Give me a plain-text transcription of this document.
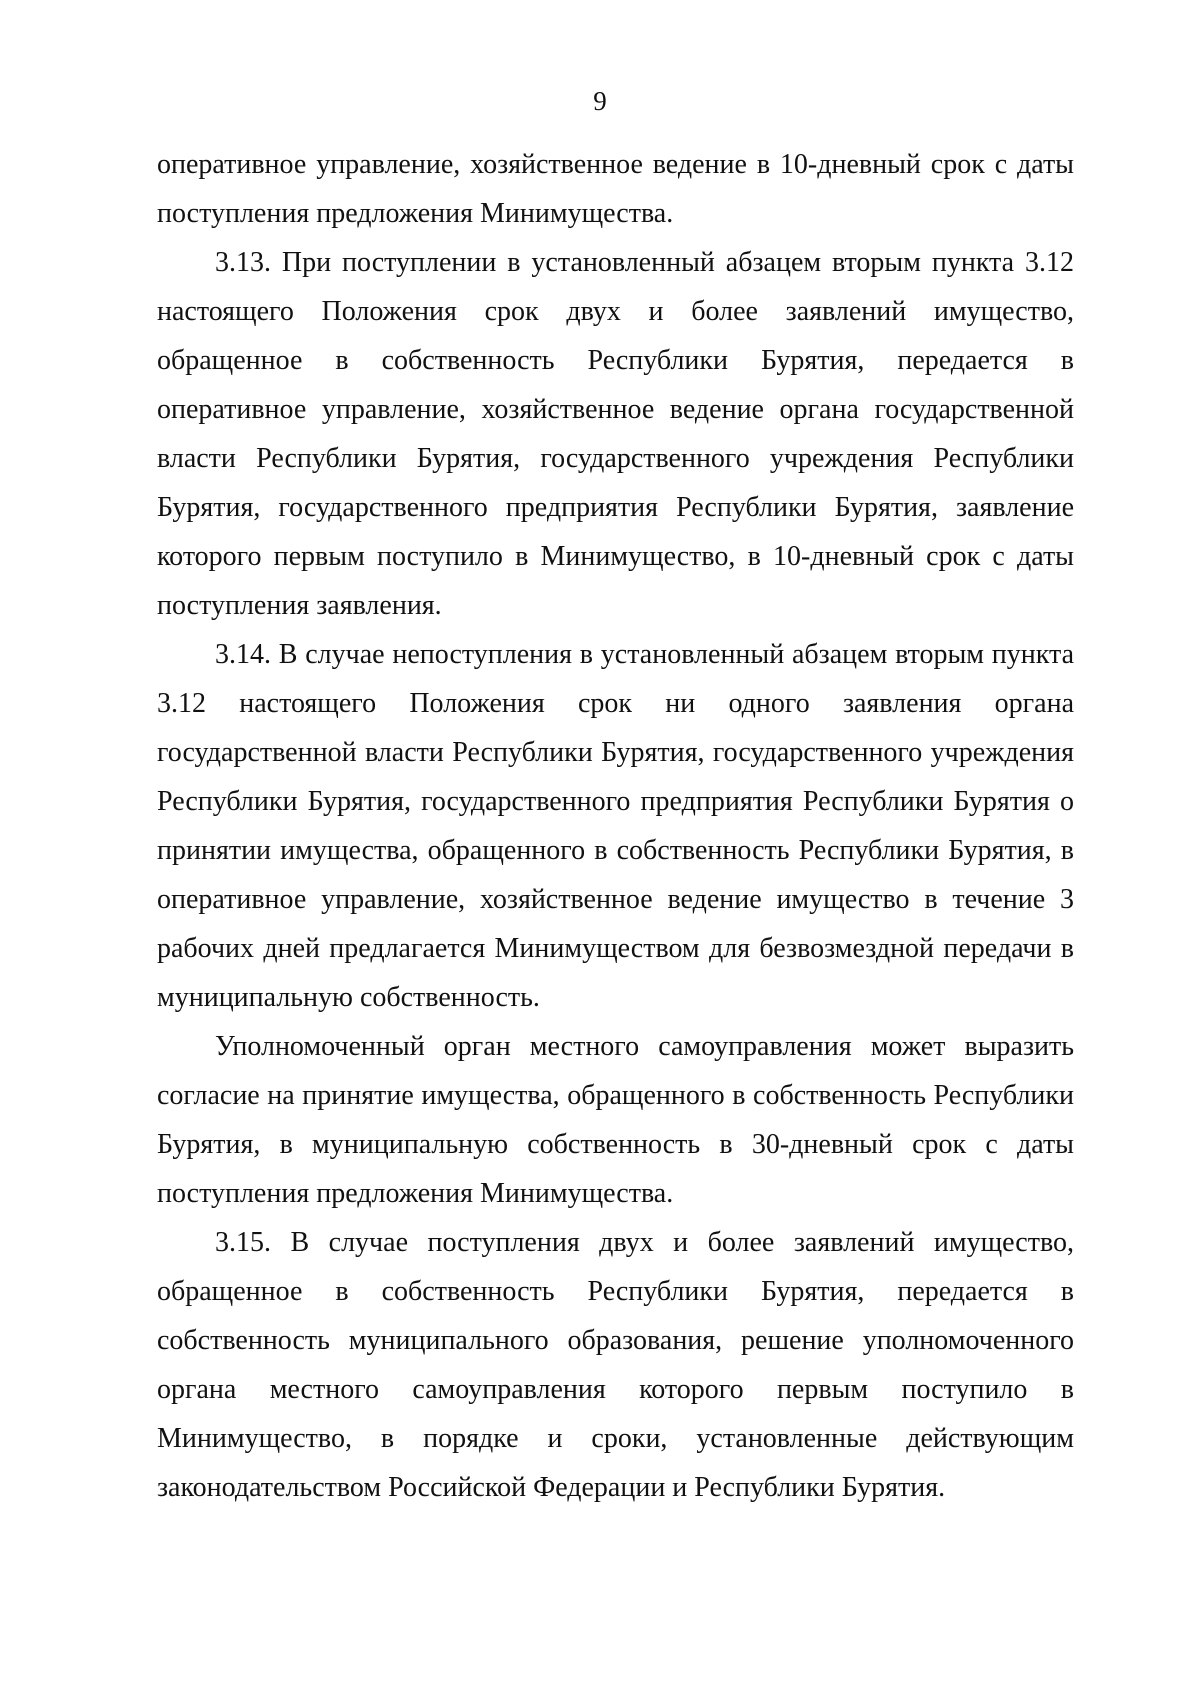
9

оперативное управление, хозяйственное ведение в 10-дневный срок с даты поступления предложения Минимущества.

3.13. При поступлении в установленный абзацем вторым пункта 3.12 настоящего Положения срок двух и более заявлений имущество, обращенное в собственность Республики Бурятия, передается в оперативное управление, хозяйственное ведение органа государственной власти Республики Бурятия, государственного учреждения Республики Бурятия, государственного предприятия Республики Бурятия, заявление которого первым поступило в Минимущество, в 10-дневный срок с даты поступления заявления.

3.14. В случае непоступления в установленный абзацем вторым пункта 3.12 настоящего Положения срок ни одного заявления органа государственной власти Республики Бурятия, государственного учреждения Республики Бурятия, государственного предприятия Республики Бурятия о принятии имущества, обращенного в собственность Республики Бурятия, в оперативное управление, хозяйственное ведение имущество в течение 3 рабочих дней предлагается Минимуществом для безвозмездной передачи в муниципальную собственность.

Уполномоченный орган местного самоуправления может выразить согласие на принятие имущества, обращенного в собственность Республики Бурятия, в муниципальную собственность в 30-дневный срок с даты поступления предложения Минимущества.

3.15. В случае поступления двух и более заявлений имущество, обращенное в собственность Республики Бурятия, передается в собственность муниципального образования, решение уполномоченного органа местного самоуправления которого первым поступило в Минимущество, в порядке и сроки, установленные действующим законодательством Российской Федерации и Республики Бурятия.
